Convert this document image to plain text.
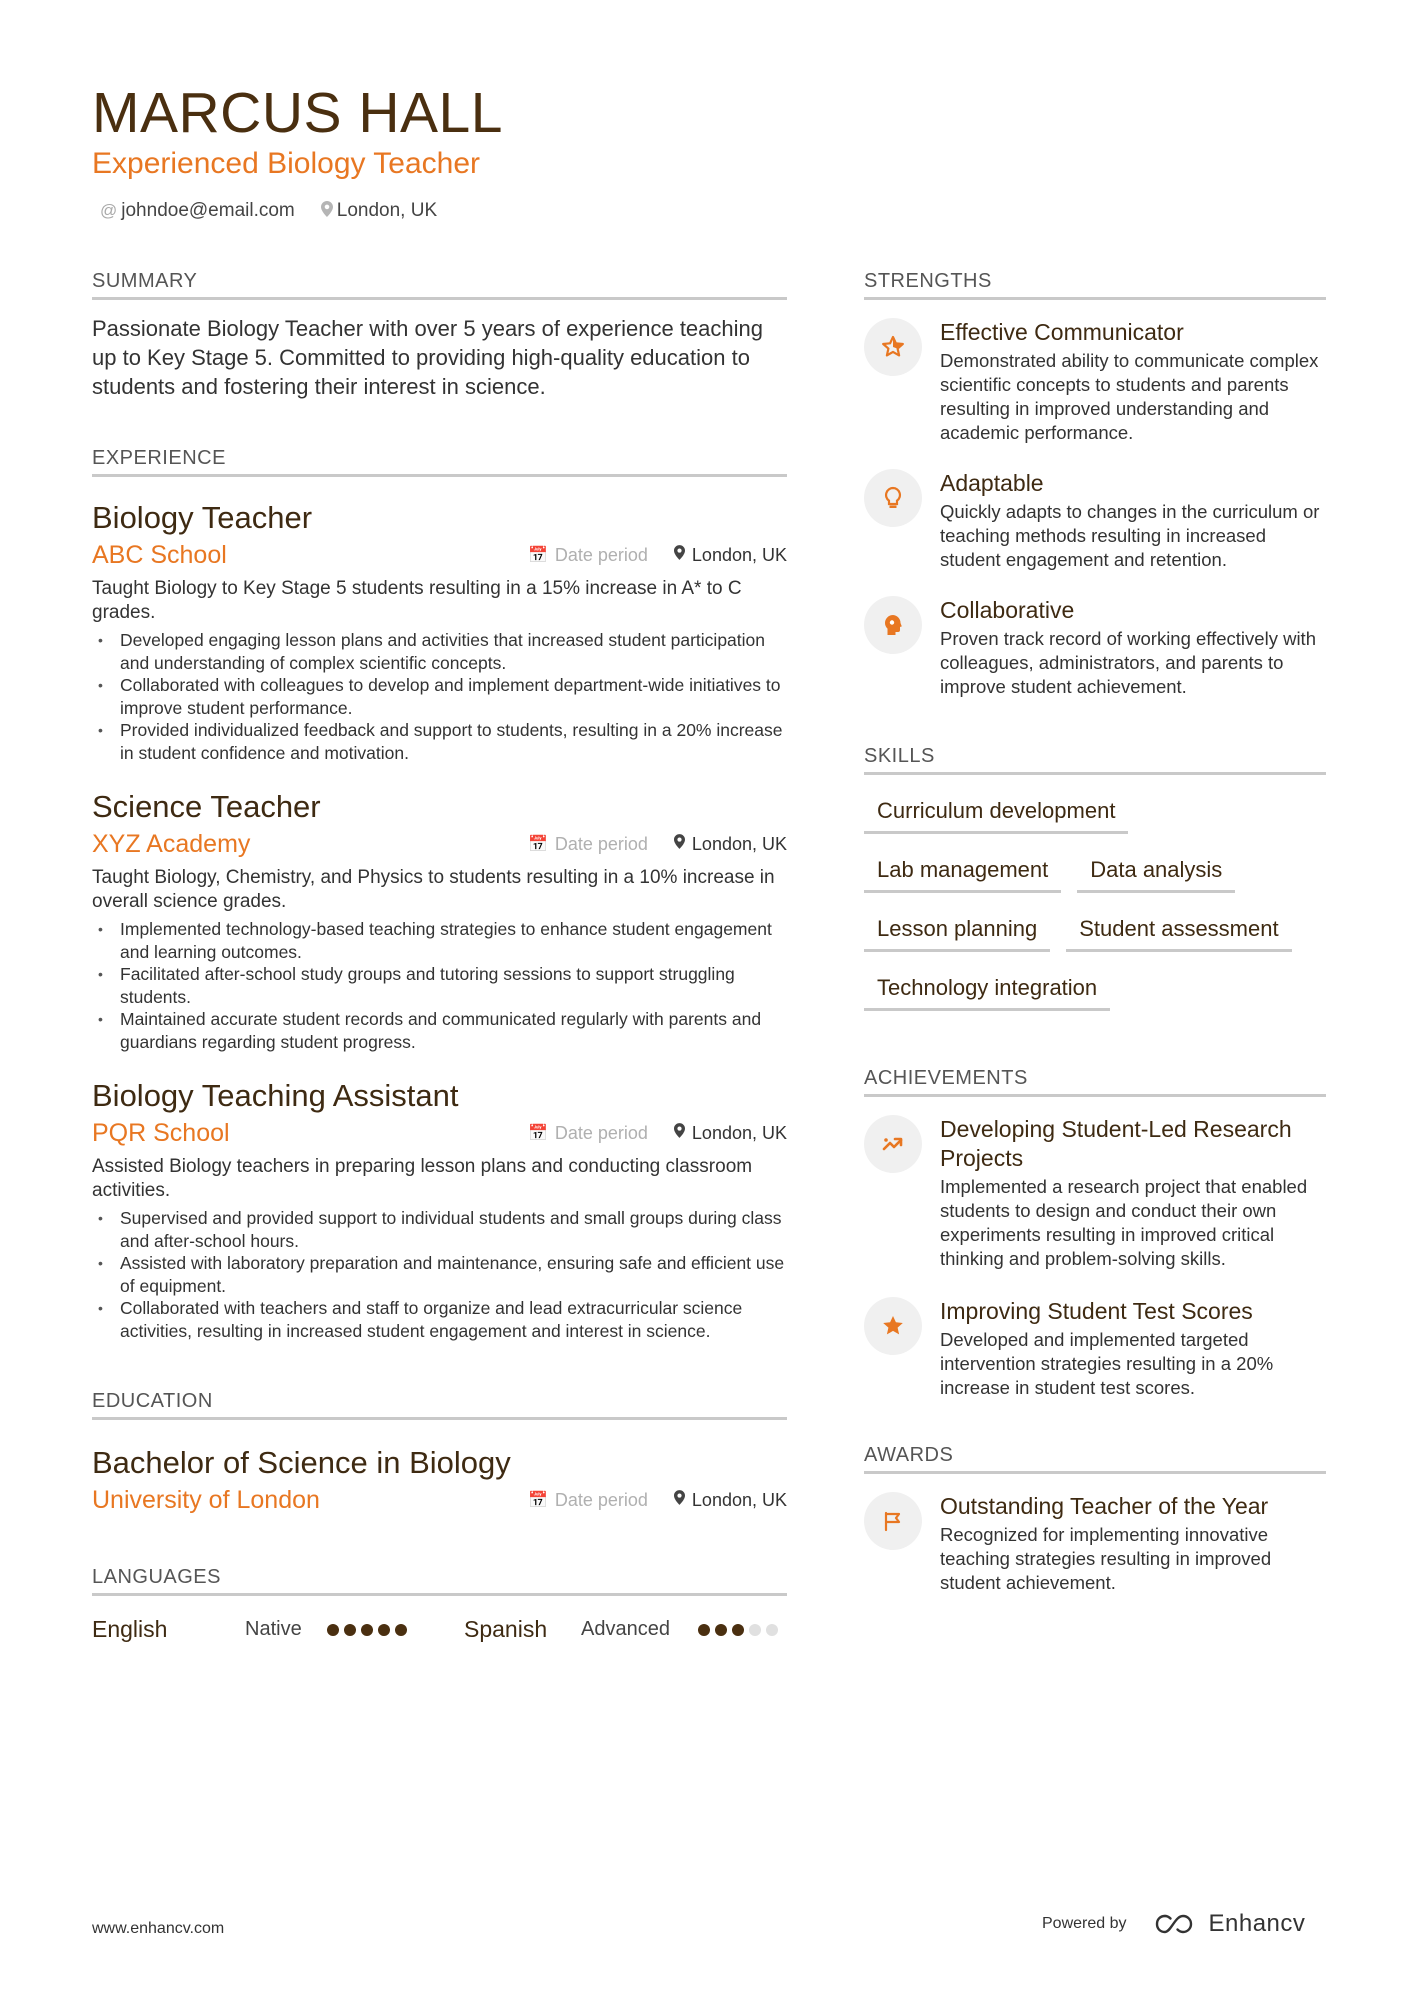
MARCUS HALL
Experienced Biology Teacher
@ johndoe@email.com London, UK
SUMMARY

Passionate Biology Teacher with over 5 years of experience teaching up to Key Stage 5. Committed to providing high-quality education to students and fostering their interest in science.

EXPERIENCE
Biology Teacher
ABC School	📅 Date period London, UK
Taught Biology to Key Stage 5 students resulting in a 15% increase in A* to C grades.
• Developed engaging lesson plans and activities that increased student participation and understanding of complex scientific concepts.
• Collaborated with colleagues to develop and implement department-wide initiatives to improve student performance.
• Provided individualized feedback and support to students, resulting in a 20% increase in student confidence and motivation.
Science Teacher
XYZ Academy	📅 Date period London, UK
Taught Biology, Chemistry, and Physics to students resulting in a 10% increase in overall science grades.
• Implemented technology-based teaching strategies to enhance student engagement and learning outcomes.
• Facilitated after-school study groups and tutoring sessions to support struggling students.
• Maintained accurate student records and communicated regularly with parents and guardians regarding student progress.
Biology Teaching Assistant
PQR School	📅 Date period London, UK
Assisted Biology teachers in preparing lesson plans and conducting classroom activities.
• Supervised and provided support to individual students and small groups during class and after-school hours.
• Assisted with laboratory preparation and maintenance, ensuring safe and efficient use of equipment.
• Collaborated with teachers and staff to organize and lead extracurricular science activities, resulting in increased student engagement and interest in science.
EDUCATION
Bachelor of Science in Biology
University of London	📅 Date period London, UK
LANGUAGES
English	Native	Spanish	Advanced
STRENGTHS
Effective Communicator
Demonstrated ability to communicate complex scientific concepts to students and parents resulting in improved understanding and academic performance.
Adaptable
Quickly adapts to changes in the curriculum or teaching methods resulting in increased student engagement and retention.
Collaborative
Proven track record of working effectively with colleagues, administrators, and parents to improve student achievement.
SKILLS
Curriculum development
Lab management	Data analysis
Lesson planning	Student assessment
Technology integration
ACHIEVEMENTS
Developing Student-Led Research Projects
Implemented a research project that enabled students to design and conduct their own experiments resulting in improved critical thinking and problem-solving skills.
Improving Student Test Scores
Developed and implemented targeted intervention strategies resulting in a 20% increase in student test scores.
AWARDS
Outstanding Teacher of the Year
Recognized for implementing innovative teaching strategies resulting in improved student achievement.
www.enhancv.com	Powered by	Enhancv
